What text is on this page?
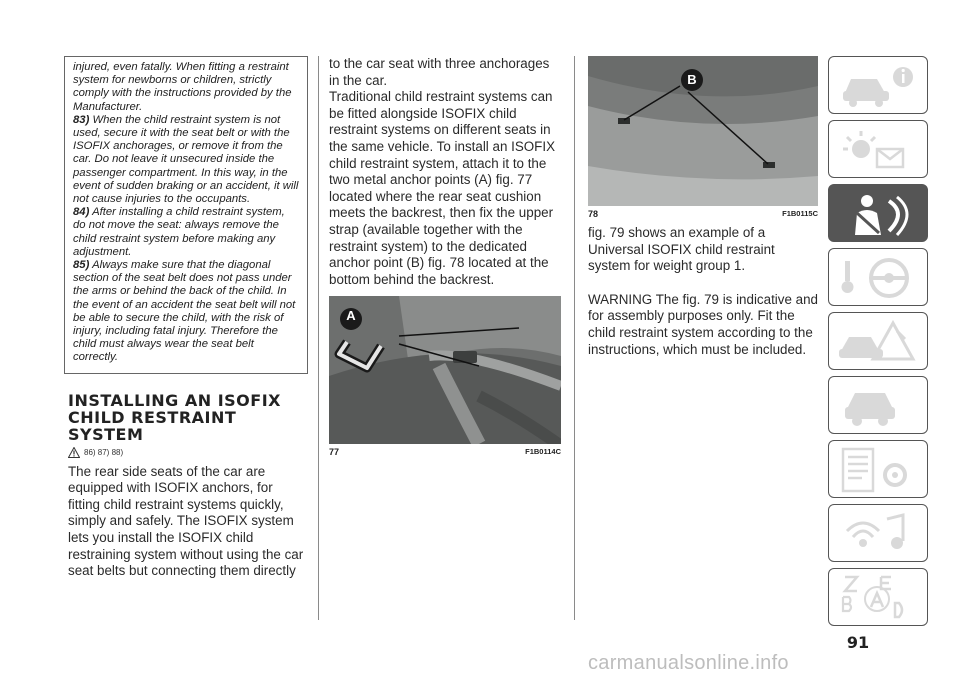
injured, even fatally. When fitting a restraint system for newborns or children, strictly comply with the instructions provided by the Manufacturer.

83) When the child restraint system is not used, secure it with the seat belt or with the ISOFIX anchorages, or remove it from the car. Do not leave it unsecured inside the passenger compartment. In this way, in the event of sudden braking or an accident, it will not cause injuries to the occupants.

84) After installing a child restraint system, do not move the seat: always remove the child restraint system before making any adjustment.

85) Always make sure that the diagonal section of the seat belt does not pass under the arms or behind the back of the child. In the event of an accident the seat belt will not be able to secure the child, with the risk of injury, including fatal injury. Therefore the child must always wear the seat belt correctly.

INSTALLING AN ISOFIX
CHILD RESTRAINT
SYSTEM
86) 87) 88)

The rear side seats of the car are equipped with ISOFIX anchors, for fitting child restraint systems quickly, simply and safely. The ISOFIX system lets you install the ISOFIX child restraining system without using the car seat belts but connecting them directly

to the car seat with three anchorages in the car.

Traditional child restraint systems can be fitted alongside ISOFIX child restraint systems on different seats in the same vehicle. To install an ISOFIX child restraint system, attach it to the two metal anchor points (A) fig. 77 located where the rear seat cushion meets the backrest, then fix the upper strap (available together with the restraint system) to the dedicated anchor point (B) fig. 78 located at the bottom behind the backrest.

A
77	F1B0114C
B
78	F1B0115C

fig. 79 shows an example of a Universal ISOFIX child restraint system for weight group 1.

WARNING The fig. 79 is indicative and for assembly purposes only. Fit the child restraint system according to the instructions, which must be included.

91
carmanualsonline.info
